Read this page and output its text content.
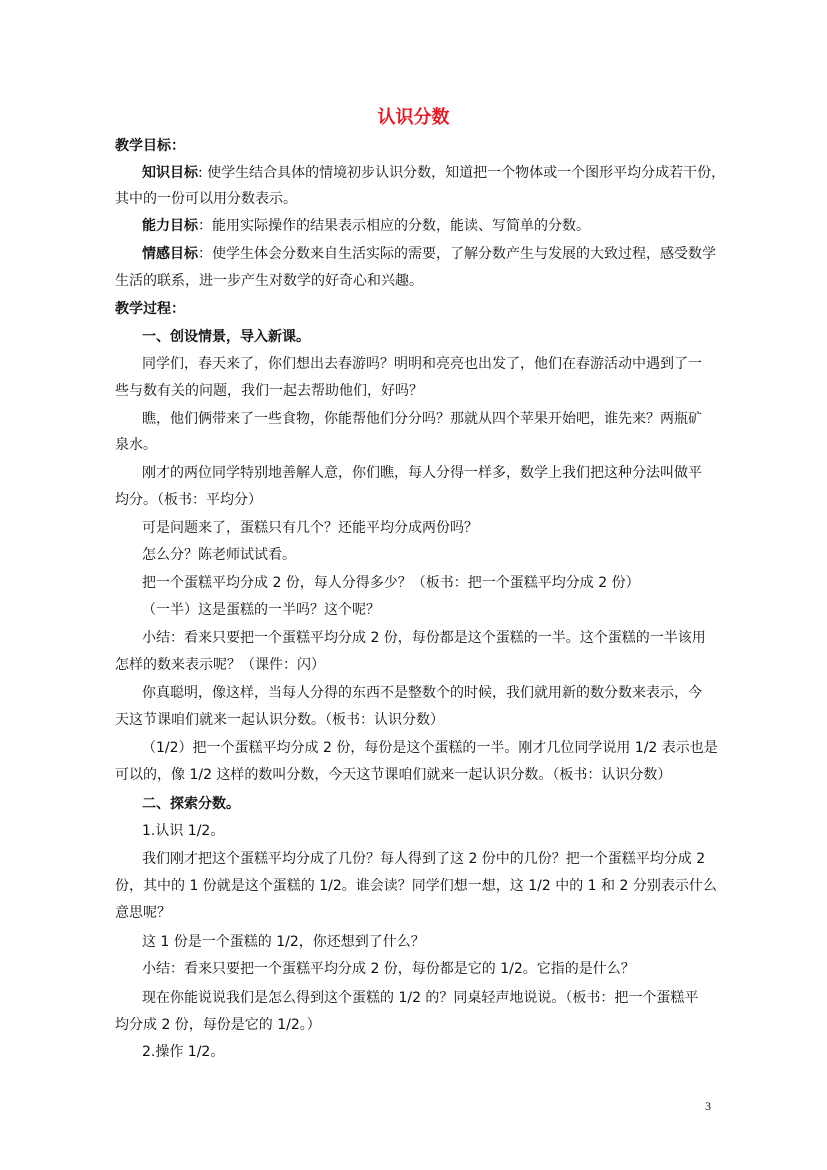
认识分数
教学目标：
知识目标: 使学生结合具体的情境初步认识分数，知道把一个物体或一个图形平均分成若干份，
其中的一份可以用分数表示。
能力目标：能用实际操作的结果表示相应的分数，能读、写简单的分数。
情感目标：使学生体会分数来自生活实际的需要，了解分数产生与发展的大致过程，感受数学
生活的联系，进一步产生对数学的好奇心和兴趣。
教学过程：
一、创设情景，导入新课。
同学们，春天来了，你们想出去春游吗？明明和亮亮也出发了，他们在春游活动中遇到了一
些与数有关的问题，我们一起去帮助他们，好吗？
瞧，他们俩带来了一些食物，你能帮他们分分吗？那就从四个苹果开始吧，谁先来？两瓶矿
泉水。
刚才的两位同学特别地善解人意，你们瞧，每人分得一样多，数学上我们把这种分法叫做平
均分。（板书：平均分）
可是问题来了，蛋糕只有几个？还能平均分成两份吗？
怎么分？陈老师试试看。
把一个蛋糕平均分成 2 份，每人分得多少？（板书：把一个蛋糕平均分成 2 份）
（一半）这是蛋糕的一半吗？这个呢？
小结：看来只要把一个蛋糕平均分成 2 份，每份都是这个蛋糕的一半。这个蛋糕的一半该用
怎样的数来表示呢？（课件：闪）
你真聪明，像这样，当每人分得的东西不是整数个的时候，我们就用新的数分数来表示，今
天这节课咱们就来一起认识分数。（板书：认识分数）
（1/2）把一个蛋糕平均分成 2 份，每份是这个蛋糕的一半。刚才几位同学说用 1/2 表示也是
可以的，像 1/2 这样的数叫分数，今天这节课咱们就来一起认识分数。（板书：认识分数）
二、探索分数。
1.认识 1/2。
我们刚才把这个蛋糕平均分成了几份？每人得到了这 2 份中的几份？把一个蛋糕平均分成 2
份，其中的 1 份就是这个蛋糕的 1/2。谁会读？同学们想一想，这 1/2 中的 1 和 2 分别表示什么
意思呢？
这 1 份是一个蛋糕的 1/2，你还想到了什么？
小结：看来只要把一个蛋糕平均分成 2 份，每份都是它的 1/2。它指的是什么？
现在你能说说我们是怎么得到这个蛋糕的 1/2 的？同桌轻声地说说。（板书：把一个蛋糕平
均分成 2 份，每份是它的 1/2。）
2.操作 1/2。
3
